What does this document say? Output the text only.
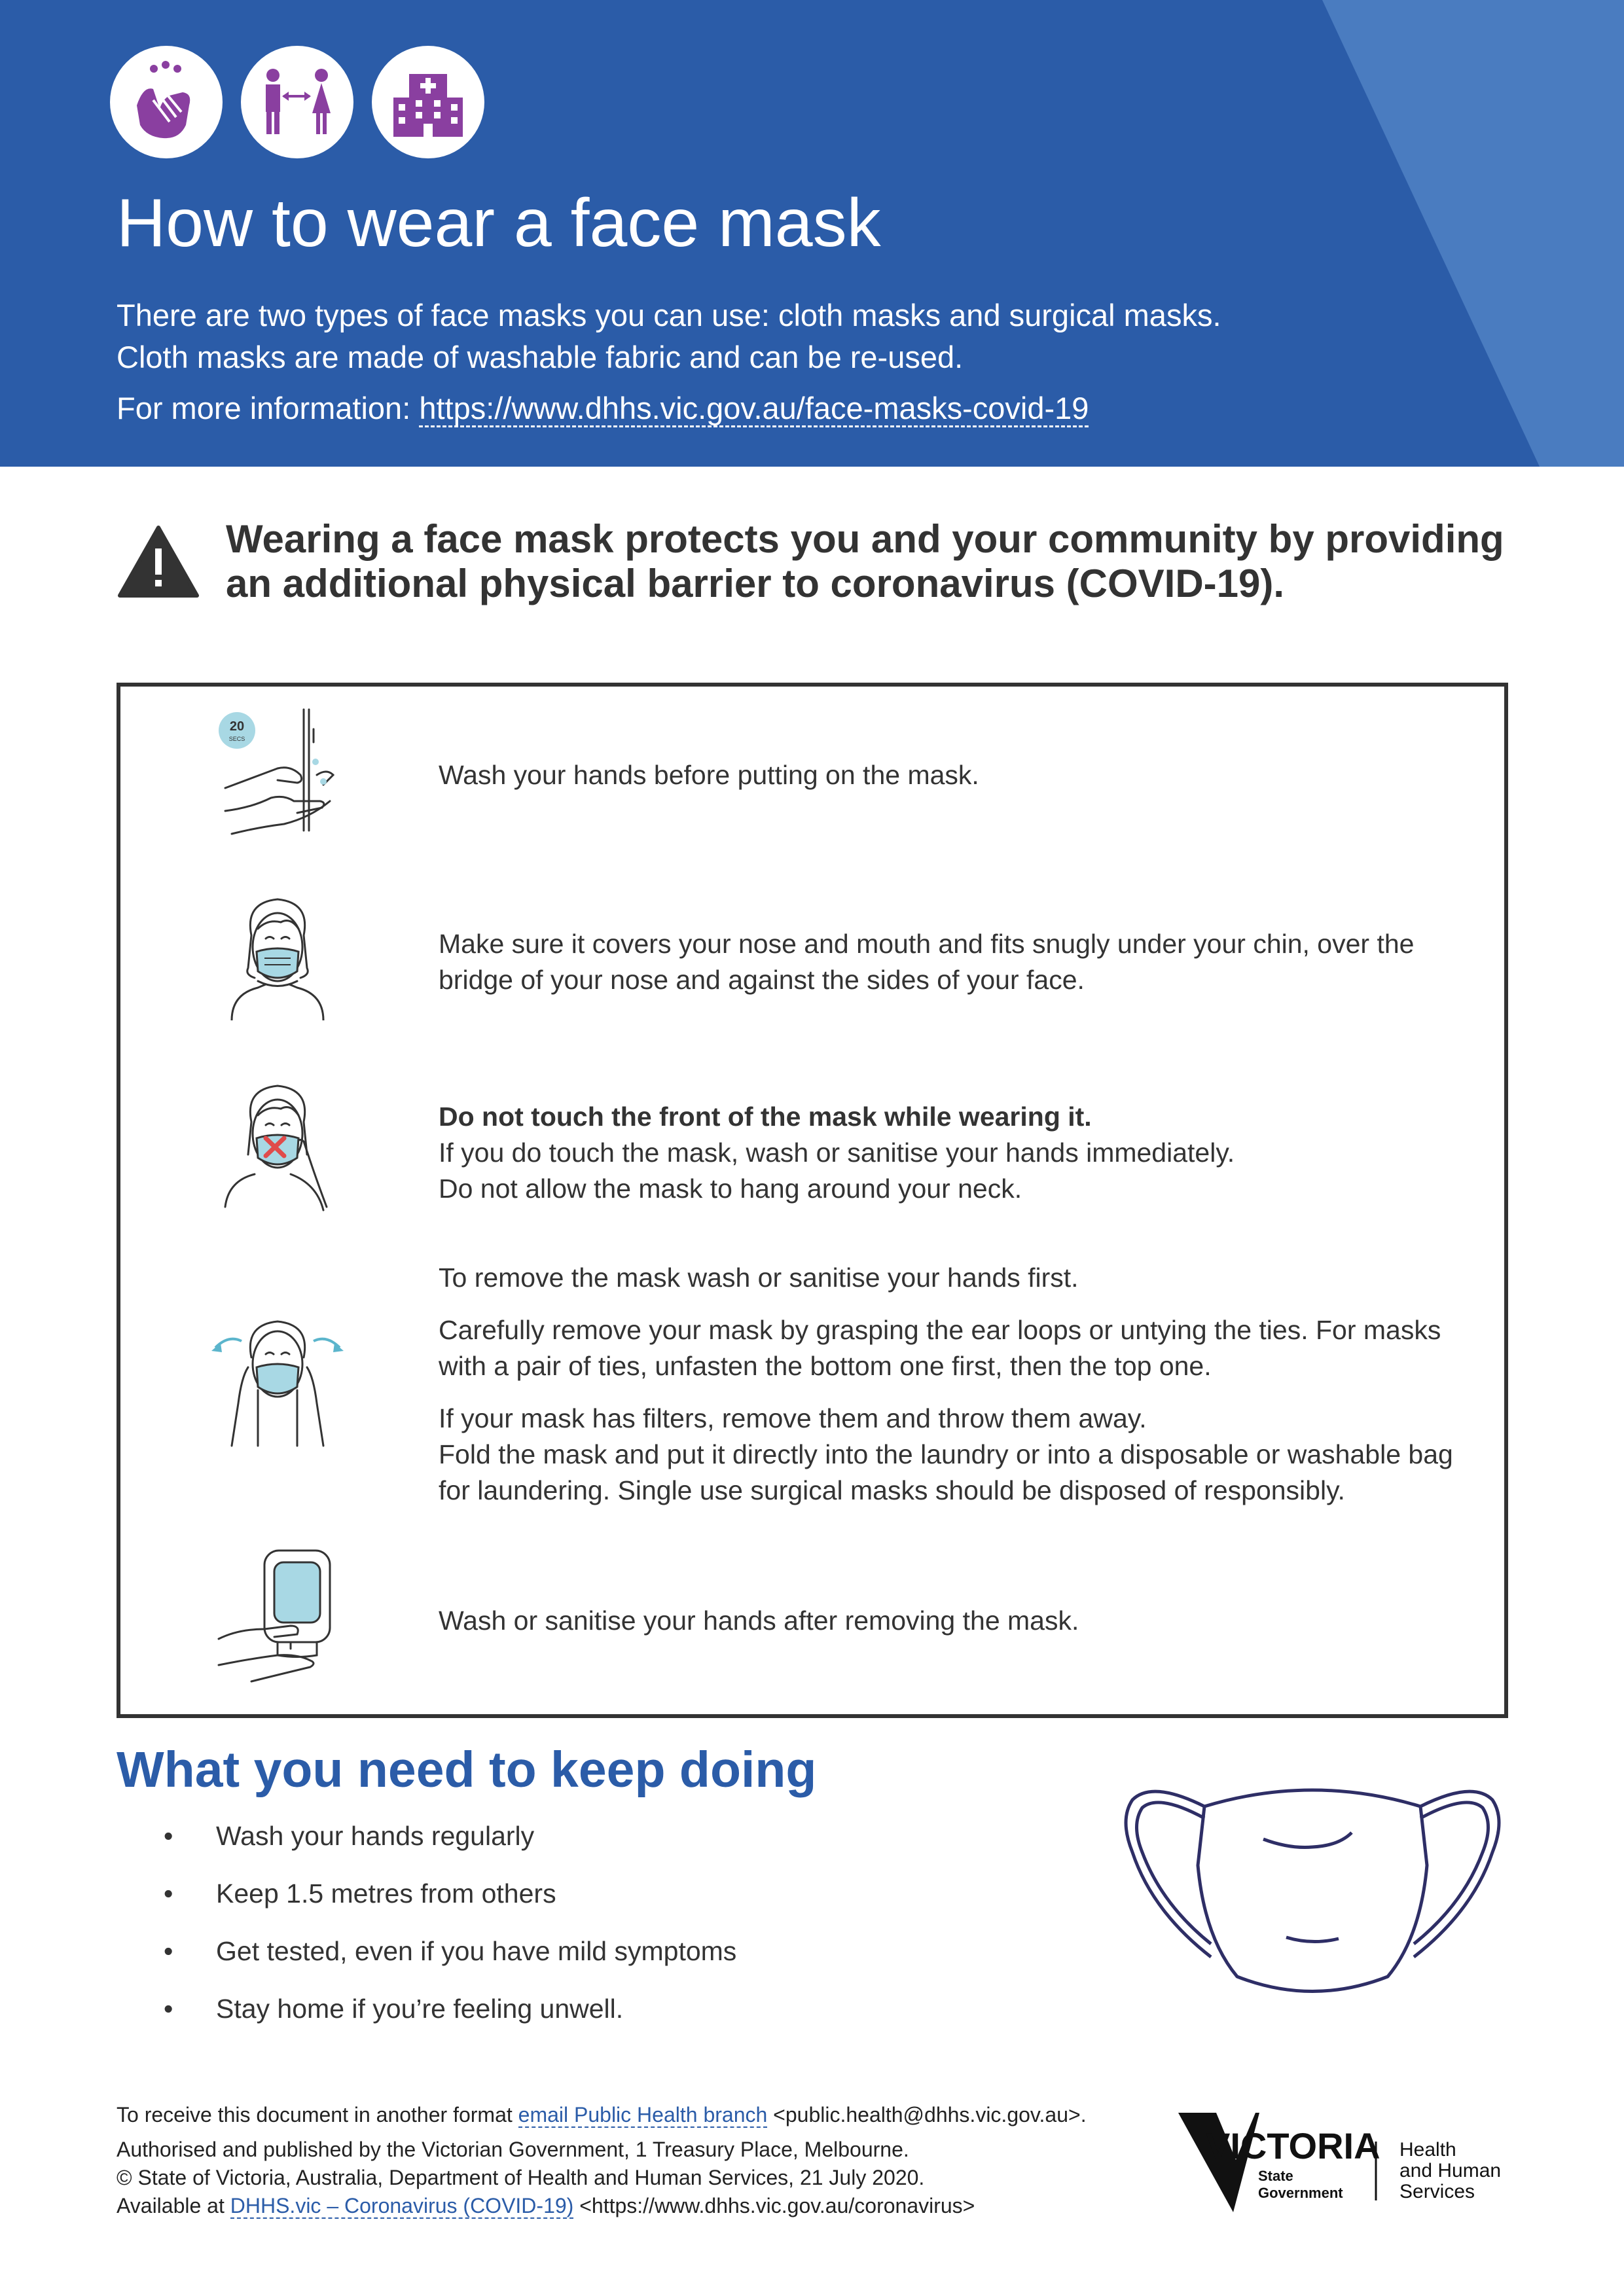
How to wear a face mask
There are two types of face masks you can use: cloth masks and surgical masks.
Cloth masks are made of washable fabric and can be re-used.
For more information: https://www.dhhs.vic.gov.au/face-masks-covid-19
Wearing a face mask protects you and your community by providing
an additional physical barrier to coronavirus (COVID-19).
20
SECS

Wash your hands before putting on the mask.

Make sure it covers your nose and mouth and fits snugly under your chin, over the

bridge of your nose and against the sides of your face.

Do not touch the front of the mask while wearing it.

If you do touch the mask, wash or sanitise your hands immediately.

Do not allow the mask to hang around your neck.

To remove the mask wash or sanitise your hands first.

Carefully remove your mask by grasping the ear loops or untying the ties. For masks

with a pair of ties, unfasten the bottom one first, then the top one.

If your mask has filters, remove them and throw them away.

Fold the mask and put it directly into the laundry or into a disposable or washable bag

for laundering. Single use surgical masks should be disposed of responsibly.

Wash or sanitise your hands after removing the mask.

What you need to keep doing
• Wash your hands regularly
• Keep 1.5 metres from others
• Get tested, even if you have mild symptoms
• Stay home if you’re feeling unwell.

To receive this document in another format email Public Health branch <public.health@dhhs.vic.gov.au>.

Authorised and published by the Victorian Government, 1 Treasury Place, Melbourne.

© State of Victoria, Australia, Department of Health and Human Services, 21 July 2020.

Available at DHHS.vic – Coronavirus (COVID-19) <https://www.dhhs.vic.gov.au/coronavirus>

VICTORIA
State
Government
Health
and Human
Services
